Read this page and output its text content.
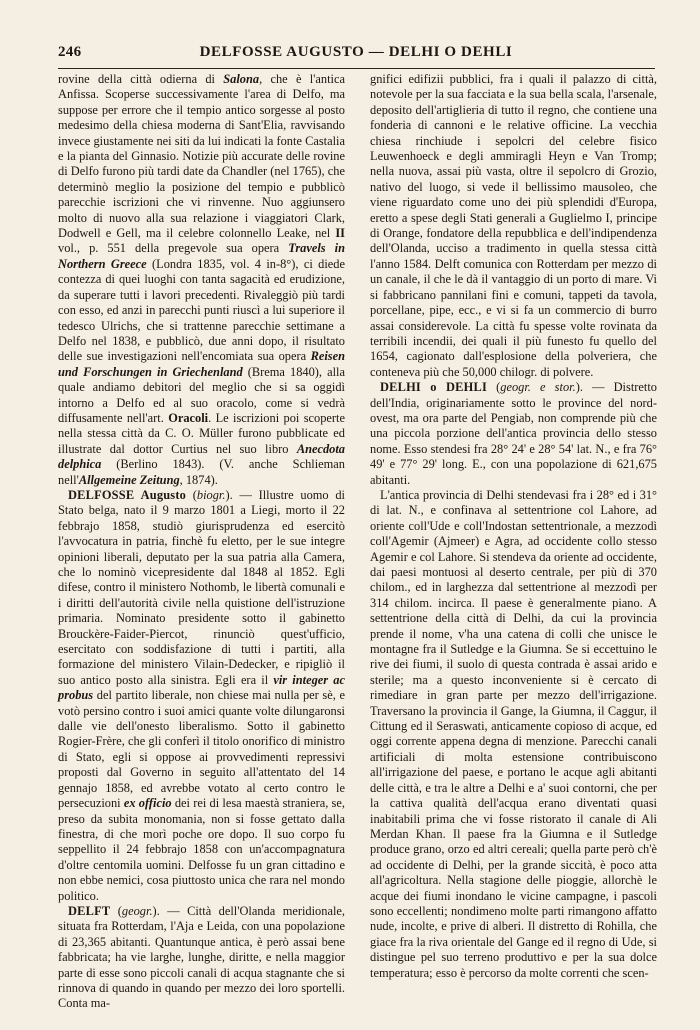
246	DELFOSSE AUGUSTO — DELHI O DEHLI

rovine della città odierna di Salona, che è l'antica Anfissa. Scoperse successivamente l'area di Delfo, ma suppose per errore che il tempio antico sorgesse al posto medesimo della chiesa moderna di Sant'Elia, ravvisando invece giustamente nei siti da lui indicati la fonte Castalia e la pianta del Ginnasio. Notizie più accurate delle rovine di Delfo furono più tardi date da Chandler (nel 1765), che determinò meglio la posizione del tempio e pubblicò parecchie iscrizioni che vi rinvenne. Nuo aggiunsero molto di nuovo alla sua relazione i viaggiatori Clark, Dodwell e Gell, ma il celebre colonnello Leake, nel II vol., p. 551 della pregevole sua opera Travels in Northern Greece (Londra 1835, vol. 4 in-8°), ci diede contezza di quei luoghi con tanta sagacità ed erudizione, da superare tutti i lavori precedenti. Rivaleggiò più tardi con esso, ed anzi in parecchi punti riuscì a lui superiore il tedesco Ulrichs, che si trattenne parecchie settimane a Delfo nel 1838, e pubblicò, due anni dopo, il risultato delle sue investigazioni nell'encomiata sua opera Reisen und Forschungen in Griechenland (Brema 1840), alla quale andiamo debitori del meglio che si sa oggidì intorno a Delfo ed al suo oracolo, come si vedrà diffusamente nell'art. Oracoli. Le iscrizioni poi scoperte nella stessa città da C. O. Müller furono pubblicate ed illustrate dal dottor Curtius nel suo libro Anecdota delphica (Berlino 1843). (V. anche Schlieman nell'Allgemeine Zeitung, 1874).

DELFOSSE Augusto (biogr.). — Illustre uomo di Stato belga, nato il 9 marzo 1801 a Liegi, morto il 22 febbrajo 1858, studiò giurisprudenza ed esercitò l'avvocatura in patria, finchè fu eletto, per le sue integre opinioni liberali, deputato per la sua patria alla Camera, che lo nominò vicepresidente dal 1848 al 1852. Egli difese, contro il ministero Nothomb, le libertà comunali e i diritti dell'autorità civile nella quistione dell'istruzione primaria. Nominato presidente sotto il gabinetto Brouckère-Faider-Piercot, rinunciò quest'ufficio, esercitato con soddisfazione di tutti i partiti, alla formazione del ministero Vilain-Dedecker, e ripigliò il suo antico posto alla sinistra. Egli era il vir integer ac probus del partito liberale, non chiese mai nulla per sè, e votò persino contro i suoi amici quante volte dilungaronsi dalle vie dell'onesto liberalismo. Sotto il gabinetto Rogier-Frère, che gli conferì il titolo onorifico di ministro di Stato, egli si oppose ai provvedimenti repressivi proposti dal Governo in seguito all'attentato del 14 gennajo 1858, ed avrebbe votato al certo contro le persecuzioni ex officio dei rei di lesa maestà straniera, se, preso da subita monomania, non si fosse gettato dalla finestra, di che morì poche ore dopo. Il suo corpo fu seppellito il 24 febbrajo 1858 con un'accompagnatura d'oltre centomila uomini. Delfosse fu un gran cittadino e non ebbe nemici, cosa piuttosto unica che rara nel mondo politico.

DELFT (geogr.). — Città dell'Olanda meridionale, situata fra Rotterdam, l'Aja e Leida, con una popolazione di 23,365 abitanti. Quantunque antica, è però assai bene fabbricata; ha vie larghe, lunghe, diritte, e nella maggior parte di esse sono piccoli canali di acqua stagnante che si rinnova di quando in quando per mezzo dei loro sportelli. Conta ma-

gnifici edifizii pubblici, fra i quali il palazzo di città, notevole per la sua facciata e la sua bella scala, l'arsenale, deposito dell'artiglieria di tutto il regno, che contiene una fonderia di cannoni e le relative officine. La vecchia chiesa rinchiude i sepolcri del celebre fisico Leuwenhoeck e degli ammiragli Heyn e Van Tromp; nella nuova, assai più vasta, oltre il sepolcro di Grozio, nativo del luogo, si vede il bellissimo mausoleo, che viene riguardato come uno dei più splendidi d'Europa, eretto a spese degli Stati generali a Guglielmo I, principe di Orange, fondatore della repubblica e dell'indipendenza dell'Olanda, ucciso a tradimento in quella stessa città l'anno 1584. Delft comunica con Rotterdam per mezzo di un canale, il che le dà il vantaggio di un porto di mare. Vi si fabbricano pannilani fini e comuni, tappeti da tavola, porcellane, pipe, ecc., e vi si fa un commercio di burro assai considerevole. La città fu spesse volte rovinata da terribili incendii, dei quali il più funesto fu quello del 1654, cagionato dall'esplosione della polveriera, che conteneva più che 50,000 chilogr. di polvere.

DELHI o DEHLI (geogr. e stor.). — Distretto dell'India, originariamente sotto le province del nord-ovest, ma ora parte del Pengiab, non comprende più che una piccola porzione dell'antica provincia dello stesso nome. Esso stendesi fra 28° 24' e 28° 54' lat. N., e fra 76° 49' e 77° 29' long. E., con una popolazione di 621,675 abitanti.

L'antica provincia di Delhi stendevasi fra i 28° ed i 31° di lat. N., e confinava al settentrione col Lahore, ad oriente coll'Ude e coll'Indostan settentrionale, a mezzodì coll'Agemir (Ajmeer) e Agra, ad occidente collo stesso Agemir e col Lahore. Si stendeva da oriente ad occidente, dai paesi montuosi al deserto centrale, per più di 370 chilom., ed in larghezza dal settentrione al mezzodì per 314 chilom. incirca. Il paese è generalmente piano. A settentrione della città di Delhi, da cui la provincia prende il nome, v'ha una catena di colli che unisce le montagne fra il Sutledge e la Giumna. Se si eccettuino le rive dei fiumi, il suolo di questa contrada è assai arido e sterile; ma a questo inconveniente si è cercato di rimediare in gran parte per mezzo dell'irrigazione. Traversano la provincia il Gange, la Giumna, il Caggur, il Cittung ed il Seraswati, anticamente copioso di acque, ed oggi corrente appena degna di menzione. Parecchi canali artificiali di molta estensione contribuiscono all'irrigazione del paese, e portano le acque agli abitanti delle città, e tra le altre a Delhi e a' suoi contorni, che per la cattiva qualità dell'acqua erano diventati quasi inabitabili prima che vi fosse ristorato il canale di Ali Merdan Khan. Il paese fra la Giumna e il Sutledge produce grano, orzo ed altri cereali; quella parte però ch'è ad occidente di Delhi, per la grande siccità, è poco atta all'agricoltura. Nella stagione delle pioggie, allorchè le acque dei fiumi inondano le vicine campagne, i pascoli sono eccellenti; nondimeno molte parti rimangono affatto nude, incolte, e prive di alberi. Il distretto di Rohilla, che giace fra la riva orientale del Gange ed il regno di Ude, si distingue pel suo terreno produttivo e per la sua dolce temperatura; esso è percorso da molte correnti che scen-
